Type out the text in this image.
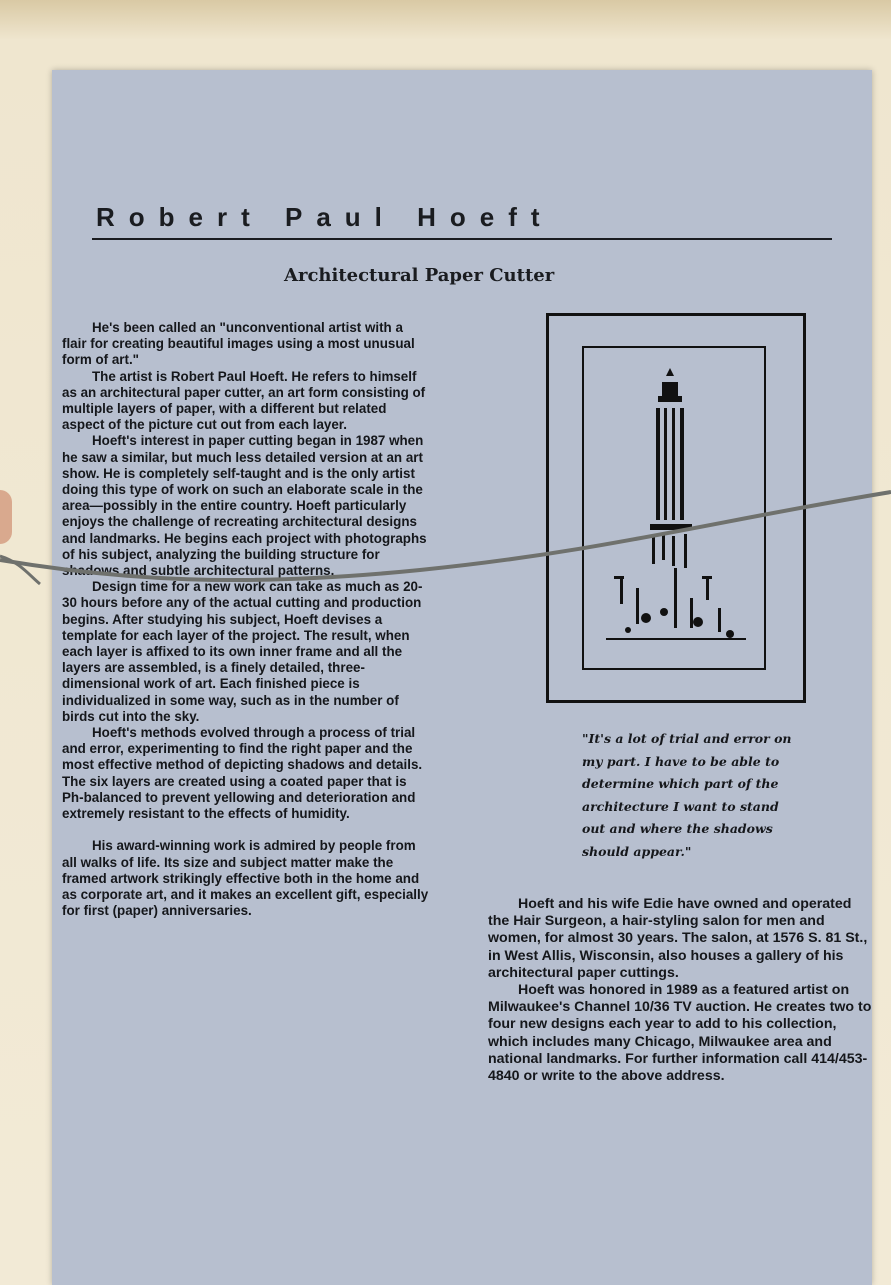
Robert Paul Hoeft
Architectural Paper Cutter

He's been called an "unconventional artist with a flair for creating beautiful images using a most unusual form of art."

The artist is Robert Paul Hoeft. He refers to himself as an architectural paper cutter, an art form consisting of multiple layers of paper, with a different but related aspect of the picture cut out from each layer.

Hoeft's interest in paper cutting began in 1987 when he saw a similar, but much less detailed version at an art show. He is completely self-taught and is the only artist doing this type of work on such an elaborate scale in the area—possibly in the entire country. Hoeft particularly enjoys the challenge of recreating architectural designs and landmarks. He begins each project with photographs of his subject, analyzing the building structure for shadows and subtle architectural patterns.

Design time for a new work can take as much as 20-30 hours before any of the actual cutting and production begins. After studying his subject, Hoeft devises a template for each layer of the project. The result, when each layer is affixed to its own inner frame and all the layers are assembled, is a finely detailed, three-dimensional work of art. Each finished piece is individualized in some way, such as in the number of birds cut into the sky.

Hoeft's methods evolved through a process of trial and error, experimenting to find the right paper and the most effective method of depicting shadows and details. The six layers are created using a coated paper that is Ph-balanced to prevent yellowing and deterioration and extremely resistant to the effects of humidity.

His award-winning work is admired by people from all walks of life. Its size and subject matter make the framed artwork strikingly effective both in the home and as corporate art, and it makes an excellent gift, especially for first (paper) anniversaries.

"It's a lot of trial and error on my part. I have to be able to determine which part of the architecture I want to stand out and where the shadows should appear."

Hoeft and his wife Edie have owned and operated the Hair Surgeon, a hair-styling salon for men and women, for almost 30 years. The salon, at 1576 S. 81 St., in West Allis, Wisconsin, also houses a gallery of his architectural paper cuttings.

Hoeft was honored in 1989 as a featured artist on Milwaukee's Channel 10/36 TV auction. He creates two to four new designs each year to add to his collection, which includes many Chicago, Milwaukee area and national landmarks. For further information call 414/453-4840 or write to the above address.
